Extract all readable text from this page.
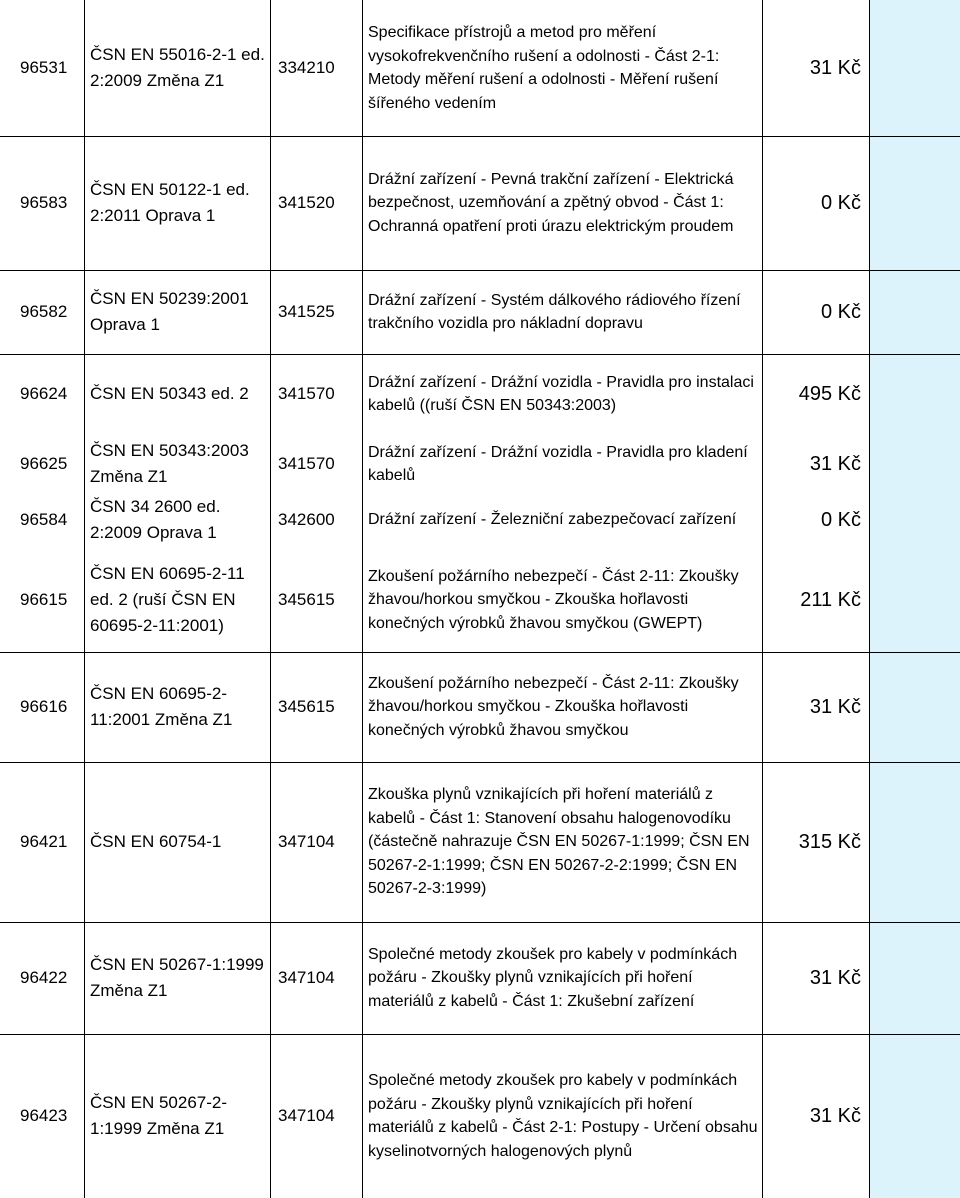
96531
ČSN EN 55016-2-1 ed. 2:2009 Změna Z1
334210
Specifikace přístrojů a metod pro měření vysokofrekvenčního rušení a odolnosti - Část 2-1: Metody měření rušení a odolnosti - Měření rušení šířeného vedením
31 Kč
96583
ČSN EN 50122-1 ed. 2:2011 Oprava 1
341520
Drážní zařízení - Pevná trakční zařízení - Elektrická bezpečnost, uzemňování a zpětný obvod - Část 1: Ochranná opatření proti úrazu elektrickým proudem
0 Kč
96582
ČSN EN 50239:2001 Oprava 1
341525
Drážní zařízení - Systém dálkového rádiového řízení trakčního vozidla pro nákladní dopravu
0 Kč
96624 ČSN EN 50343 ed. 2 341570
Drážní zařízení - Drážní vozidla - Pravidla pro instalaci kabelů ((ruší ČSN EN 50343:2003)
495 Kč
96625
ČSN EN 50343:2003 Změna Z1
341570
Drážní zařízení - Drážní vozidla - Pravidla pro kladení kabelů
31 Kč
96584
ČSN 34 2600 ed. 2:2009 Oprava 1
342600 Drážní zařízení - Železniční zabezpečovací zařízení	0 Kč
96615
ČSN EN 60695-2-11 ed. 2 (ruší ČSN EN 60695-2-11:2001)
345615
Zkoušení požárního nebezpečí - Část 2-11: Zkoušky žhavou/horkou smyčkou - Zkouška hořlavosti konečných výrobků žhavou smyčkou (GWEPT)
211 Kč
96616
ČSN EN 60695-2-11:2001 Změna Z1
345615
Zkoušení požárního nebezpečí - Část 2-11: Zkoušky žhavou/horkou smyčkou - Zkouška hořlavosti konečných výrobků žhavou smyčkou
31 Kč
96421 ČSN EN 60754-1	347104
Zkouška plynů vznikajících při hoření materiálů z kabelů - Část 1: Stanovení obsahu halogenovodíku (částečně nahrazuje ČSN EN 50267-1:1999; ČSN EN 50267-2-1:1999; ČSN EN 50267-2-2:1999; ČSN EN 50267-2-3:1999)
315 Kč
96422
ČSN EN 50267-1:1999 Změna Z1
347104
Společné metody zkoušek pro kabely v podmínkách požáru - Zkoušky plynů vznikajících při hoření materiálů z kabelů - Část 1: Zkušební zařízení
31 Kč
96423
ČSN EN 50267-2-1:1999 Změna Z1
347104
Společné metody zkoušek pro kabely v podmínkách požáru - Zkoušky plynů vznikajících při hoření materiálů z kabelů - Část 2-1: Postupy - Určení obsahu kyselinotvorných halogenových plynů
31 Kč
